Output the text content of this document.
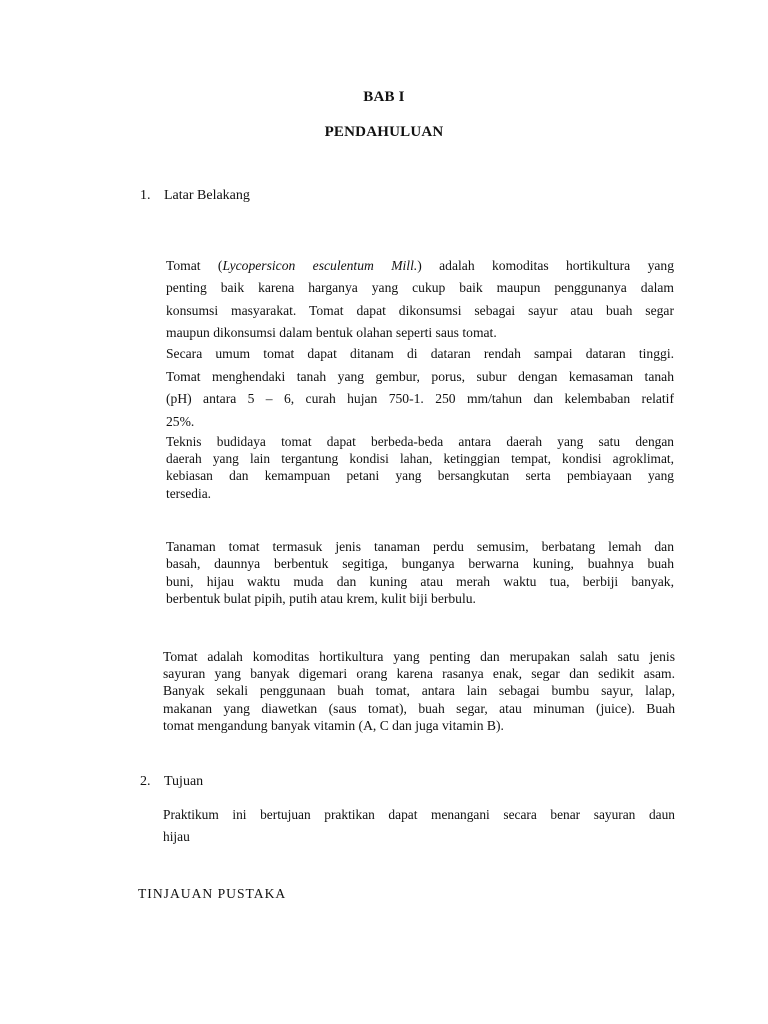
BAB I
PENDAHULUAN
1. Latar Belakang
Tomat (Lycopersicon esculentum Mill.) adalah komoditas hortikultura yang
penting baik karena harganya yang cukup baik maupun penggunanya dalam
konsumsi masyarakat. Tomat dapat dikonsumsi sebagai sayur atau buah segar
maupun dikonsumsi dalam bentuk olahan seperti saus tomat.
Secara umum tomat dapat ditanam di dataran rendah sampai dataran tinggi.
Tomat menghendaki tanah yang gembur, porus, subur dengan kemasaman tanah
(pH) antara 5 – 6, curah hujan 750-1. 250 mm/tahun dan kelembaban relatif
25%.
Teknis budidaya tomat dapat berbeda-beda antara daerah yang satu dengan
daerah yang lain tergantung kondisi lahan, ketinggian tempat, kondisi agroklimat,
kebiasan dan kemampuan petani yang bersangkutan serta pembiayaan yang
tersedia.
Tanaman tomat termasuk jenis tanaman perdu semusim, berbatang lemah dan
basah, daunnya berbentuk segitiga, bunganya berwarna kuning, buahnya buah
buni, hijau waktu muda dan kuning atau merah waktu tua, berbiji banyak,
berbentuk bulat pipih, putih atau krem, kulit biji berbulu.
Tomat adalah komoditas hortikultura yang penting dan merupakan salah satu jenis
sayuran yang banyak digemari orang karena rasanya enak, segar dan sedikit asam.
Banyak sekali penggunaan buah tomat, antara lain sebagai bumbu sayur, lalap,
makanan yang diawetkan (saus tomat), buah segar, atau minuman (juice). Buah
tomat mengandung banyak vitamin (A, C dan juga vitamin B).
2. Tujuan
Praktikum ini bertujuan praktikan dapat menangani secara benar sayuran daun
hijau
TINJAUAN PUSTAKA
